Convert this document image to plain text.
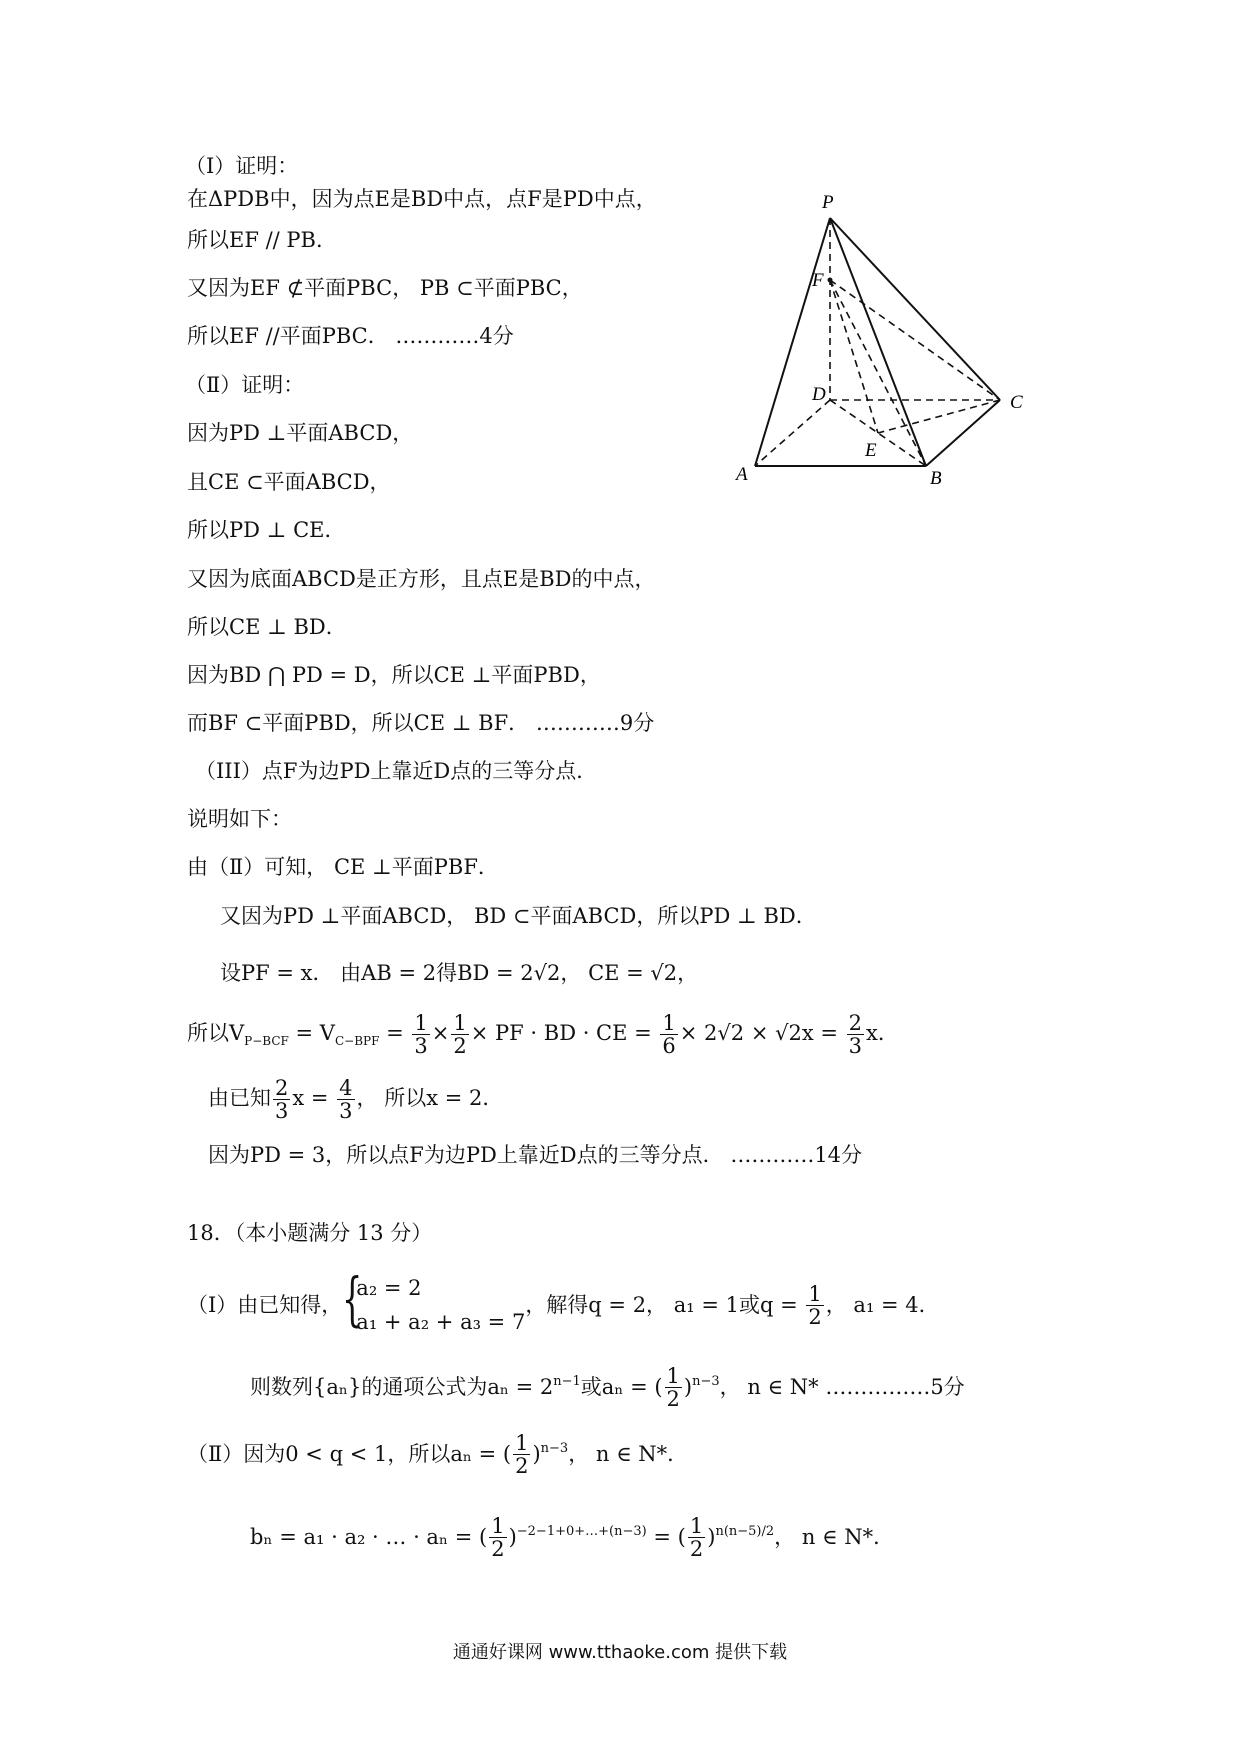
（Ⅰ）证明：
在ΔPDB中，因为点E是BD中点，点F是PD中点，
所以EF // PB．
又因为EF ⊄平面PBC， PB ⊂平面PBC，
所以EF //平面PBC． …………4分
（Ⅱ）证明：
因为PD ⊥平面ABCD，
且CE ⊂平面ABCD，
所以PD ⊥ CE．
又因为底面ABCD是正方形，且点E是BD的中点，
所以CE ⊥ BD．
因为BD ⋂ PD = D，所以CE ⊥平面PBD，
而BF ⊂平面PBD，所以CE ⊥ BF． …………9分
（III）点F为边PD上靠近D点的三等分点．
说明如下：
由（Ⅱ）可知， CE ⊥平面PBF．
又因为PD ⊥平面ABCD， BD ⊂平面ABCD，所以PD ⊥ BD．
设PF = x． 由AB = 2得BD = 2√2， CE = √2，
所以$V_{P-BCF} = V_{C-BPF} = \frac{1}{3} \times \frac{1}{2}$ × PF · BD · CE = $\frac{1}{6} \times 2√2 \times √2x = \frac{2}{3}$ x．
由已知 $\frac{2}{3}$ $x = \frac{4}{3}$ ， 所以x = 2．
因为PD = 3，所以点F为边PD上靠近D点的三等分点． …………14分
18．（本小题满分 13 分）
（Ⅰ）由已知得， {
a₂ = 2
a₁ + a₂ + a₃ = 7
，解得q = 2， a₁ = 1或$q = \frac{1}{2}$ ， a₁ = 4．
则数列{aₙ}的通项公式为$a_n = 2^{n-1}$或aₙ = ( $\frac{1}{2} )^{n-3}$， n ∈ N* ……………5分
（Ⅱ）因为0 < q < 1，所以aₙ = ( $\frac{1}{2} )^{n-3}$， n ∈ N*．
bₙ = a₁ · a₂ · … · aₙ = ( $\frac{1}{2} )^{-2-1+0+\dots+(n-3)}$ = ( $\frac{1}{2} )^{n(n-5)/2}$， n ∈ N*．
P
F
D	C
E
A	B
通通好课网 www.tthaoke.com 提供下载
